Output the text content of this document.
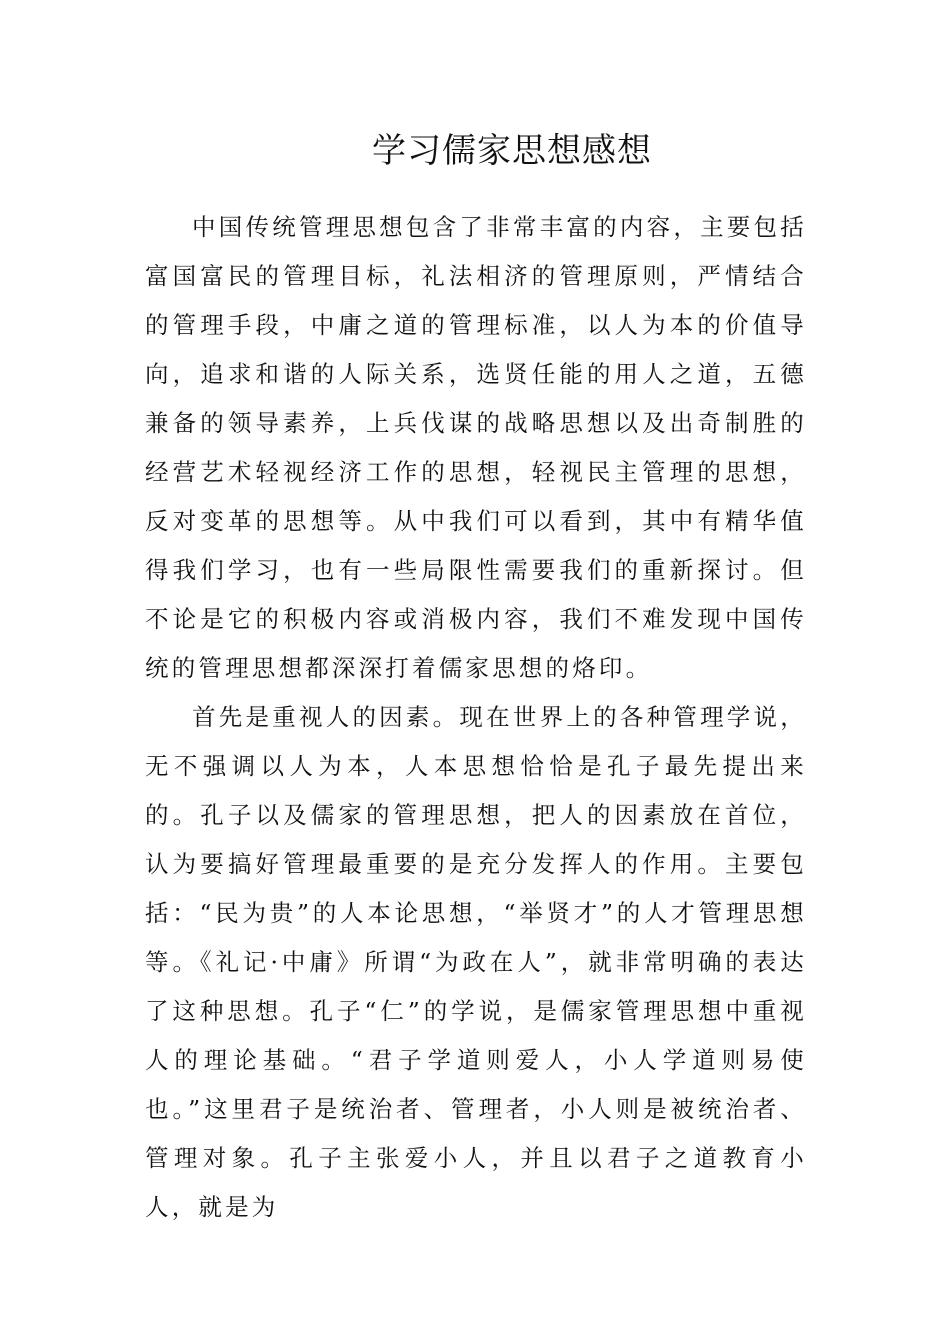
学习儒家思想感想

中国传统管理思想包含了非常丰富的内容，主要包括富国富民的管理目标，礼法相济的管理原则，严情结合的管理手段，中庸之道的管理标准，以人为本的价值导向，追求和谐的人际关系，选贤任能的用人之道，五德兼备的领导素养，上兵伐谋的战略思想以及出奇制胜的经营艺术轻视经济工作的思想，轻视民主管理的思想，反对变革的思想等。从中我们可以看到，其中有精华值得我们学习，也有一些局限性需要我们的重新探讨。但不论是它的积极内容或消极内容，我们不难发现中国传统的管理思想都深深打着儒家思想的烙印。

首先是重视人的因素。现在世界上的各种管理学说，无不强调以人为本，人本思想恰恰是孔子最先提出来的。孔子以及儒家的管理思想，把人的因素放在首位，认为要搞好管理最重要的是充分发挥人的作用。主要包括：“民为贵”的人本论思想，“举贤才”的人才管理思想等。《礼记·中庸》所谓“为政在人”，就非常明确的表达了这种思想。孔子“仁”的学说，是儒家管理思想中重视人的理论基础。“君子学道则爱人，小人学道则易使也。”这里君子是统治者、管理者，小人则是被统治者、管理对象。孔子主张爱小人，并且以君子之道教育小人，就是为
